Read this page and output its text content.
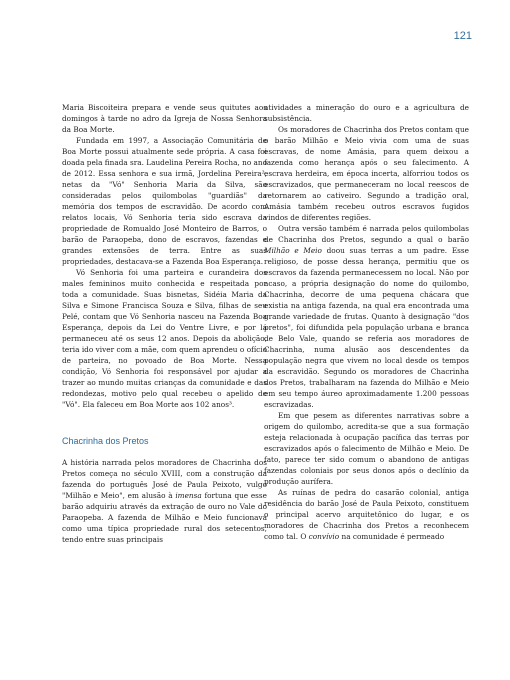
121

Maria Biscoiteira prepara e vende seus quitutes aos domingos à tarde no adro da Igreja de Nossa Senhora da Boa Morte.

Fundada em 1997, a Associação Comunitária de Boa Morte possui atualmente sede própria. A casa foi doada pela finada sra. Laudelina Pereira Rocha, no ano de 2012. Essa senhora e sua irmã, Jordelina Pereira², netas da "Vó" Senhoria Maria da Silva, são consideradas pelos quilombolas "guardiãs" da memória dos tempos de escravidão. De acordo com relatos locais, Vó Senhoria teria sido escrava da propriedade de Romualdo José Monteiro de Barros, o barão de Paraopeba, dono de escravos, fazendas e grandes extensões de terra. Entre as suas propriedades, destacava-se a Fazenda Boa Esperança.

Vó Senhoria foi uma parteira e curandeira dos males femininos muito conhecida e respeitada por toda a comunidade. Suas bisnetas, Sidéia Maria da Silva e Simone Francisca Souza e Silva, filhas de seu Pelé, contam que Vó Senhoria nasceu na Fazenda Boa Esperança, depois da Lei do Ventre Livre, e por lá permaneceu até os seus 12 anos. Depois da abolição, teria ido viver com a mãe, com quem aprendeu o ofício de parteira, no povoado de Boa Morte. Nessa condição, Vó Senhoria foi responsável por ajudar a trazer ao mundo muitas crianças da comunidade e das redondezas, motivo pelo qual recebeu o apelido de "Vó". Ela faleceu em Boa Morte aos 102 anos³.

Chacrinha dos Pretos

A história narrada pelos moradores de Chacrinha dos Pretos começa no século XVIII, com a construção da fazenda do português José de Paula Peixoto, vulgo "Milhão e Meio", em alusão à imensa fortuna que esse barão adquiriu através da extração de ouro no Vale do Paraopeba. A fazenda de Milhão e Meio funcionava como uma típica propriedade rural dos setecentos, tendo entre suas principais

atividades a mineração do ouro e a agricultura de subsistência.

Os moradores de Chacrinha dos Pretos contam que o barão Milhão e Meio vivia com uma de suas escravas, de nome Amásia, para quem deixou a fazenda como herança após o seu falecimento. A escrava herdeira, em época incerta, alforriou todos os escravizados, que permaneceram no local reescos de retornarem ao cativeiro. Segundo a tradição oral, Amásia também recebeu outros escravos fugidos vindos de diferentes regiões.

Outra versão também é narrada pelos quilombolas de Chacrinha dos Pretos, segundo a qual o barão Milhão e Meio doou suas terras a um padre. Esse religioso, de posse dessa herança, permitiu que os escravos da fazenda permanecessem no local. Não por acaso, a própria designação do nome do quilombo, Chacrinha, decorre de uma pequena chácara que existia na antiga fazenda, na qual era encontrada uma grande variedade de frutas. Quanto à designação "dos pretos", foi difundida pela população urbana e branca de Belo Vale, quando se referia aos moradores de Chacrinha, numa alusão aos descendentes da população negra que vivem no local desde os tempos da escravidão. Segundo os moradores de Chacrinha dos Pretos, trabalharam na fazenda do Milhão e Meio em seu tempo áureo aproximadamente 1.200 pessoas escravizadas.

Em que pesem as diferentes narrativas sobre a origem do quilombo, acredita-se que a sua formação esteja relacionada à ocupação pacífica das terras por escravizados após o falecimento de Milhão e Meio. De fato, parece ter sido comum o abandono de antigas fazendas coloniais por seus donos após o declínio da produção aurífera.

As ruínas de pedra do casarão colonial, antiga residência do barão José de Paula Peixoto, constituem o principal acervo arquitetônico do lugar, e os moradores de Chacrinha dos Pretos a reconhecem como tal. O convívio na comunidade é permeado
